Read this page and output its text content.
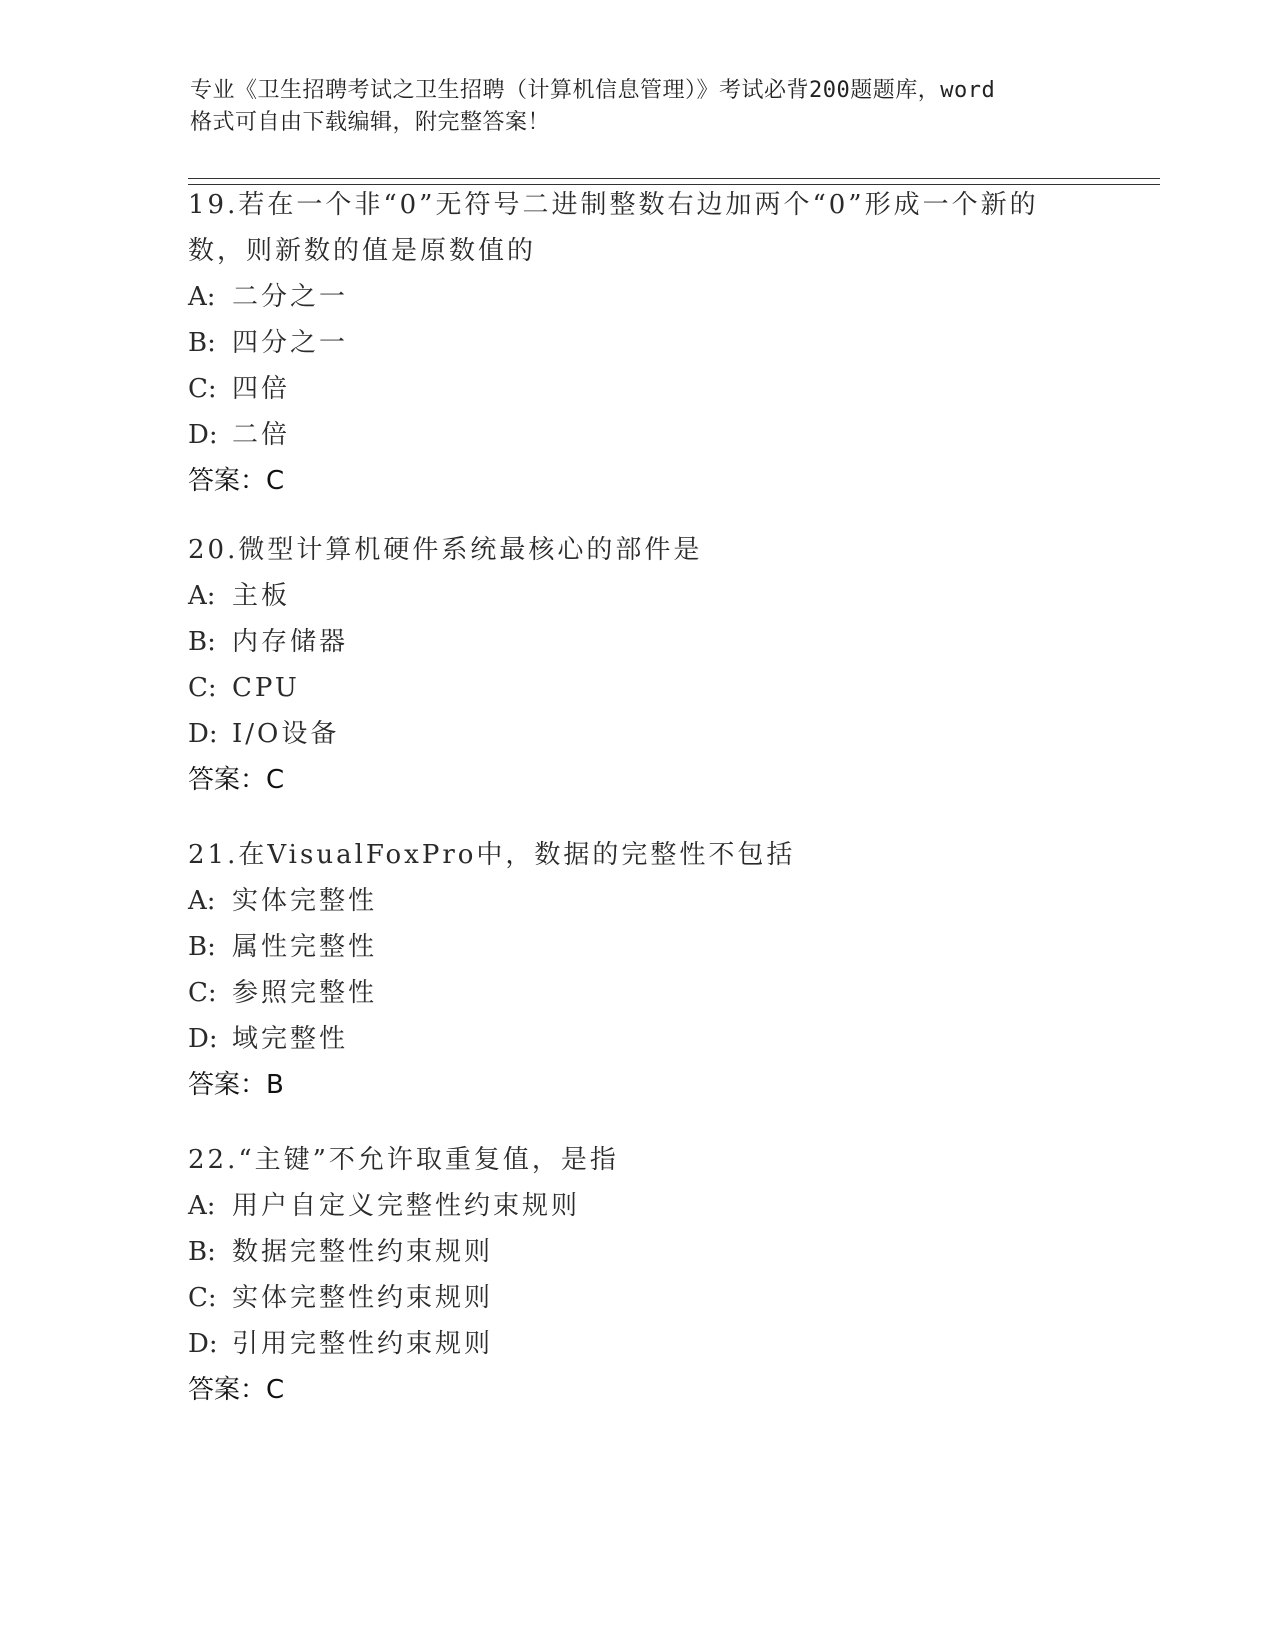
专业《卫生招聘考试之卫生招聘（计算机信息管理）》考试必背200题题库，word
格式可自由下载编辑，附完整答案！
19.若在一个非“0”无符号二进制整数右边加两个“0”形成一个新的
数，则新数的值是原数值的
A: 二分之一
B: 四分之一
C: 四倍
D: 二倍
答案：C
20.微型计算机硬件系统最核心的部件是
A: 主板
B: 内存储器
C: CPU
D: I/O设备
答案：C
21.在VisualFoxPro中，数据的完整性不包括
A: 实体完整性
B: 属性完整性
C: 参照完整性
D: 域完整性
答案：B
22.“主键”不允许取重复值，是指
A: 用户自定义完整性约束规则
B: 数据完整性约束规则
C: 实体完整性约束规则
D: 引用完整性约束规则
答案：C
